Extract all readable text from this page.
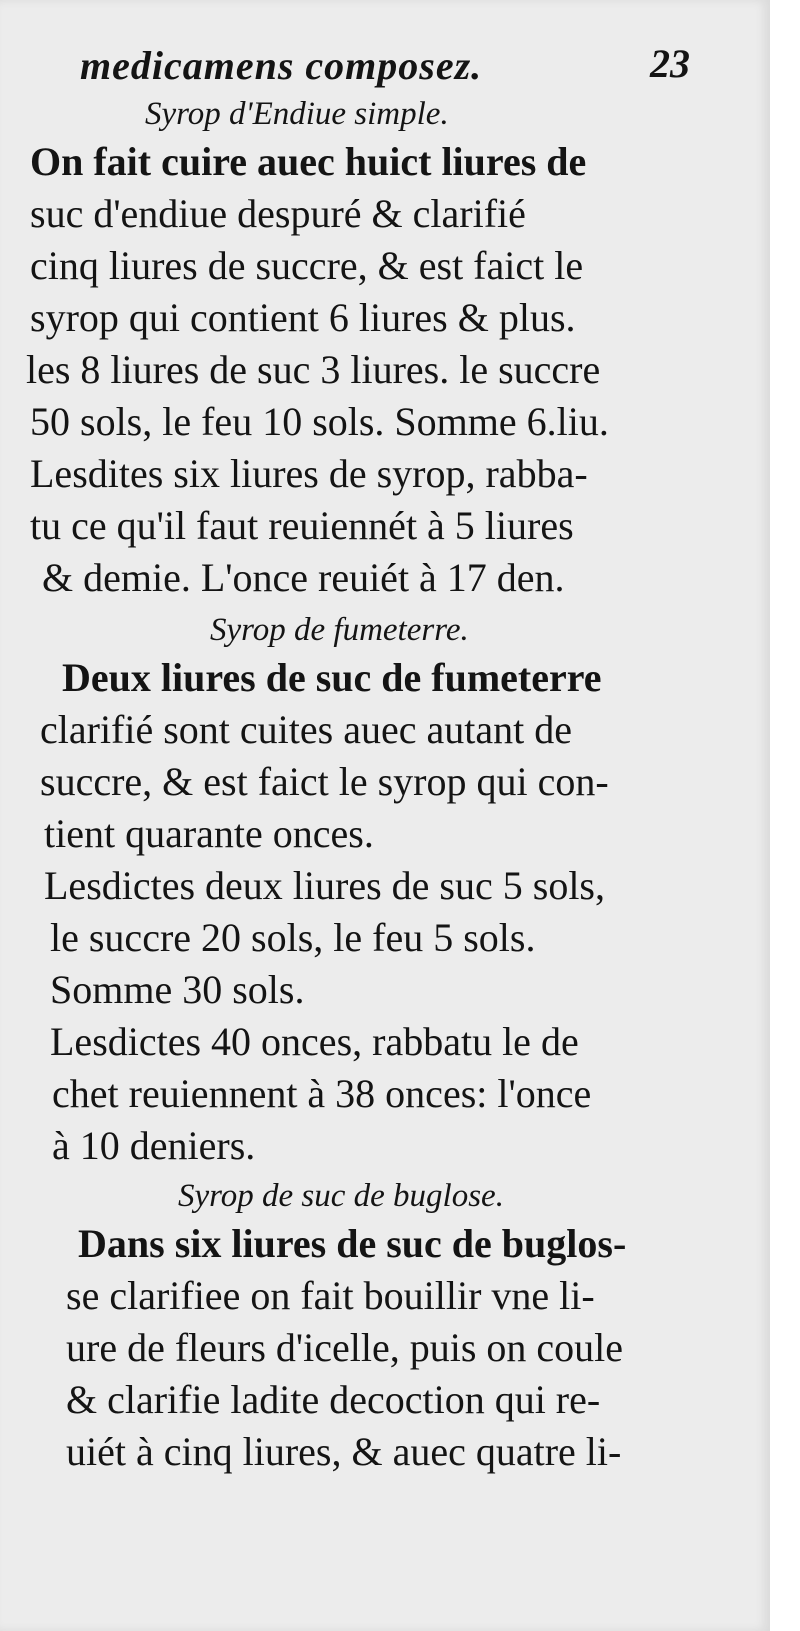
medicamens composez.	23
Syrop d'Endiue simple.
On fait cuire auec huict liures de
suc d'endiue despuré & clarifié
cinq liures de succre, & est faict le
syrop qui contient 6 liures & plus.
les 8 liures de suc 3 liures. le succre
50 sols, le feu 10 sols. Somme 6.liu.
Lesdites six liures de syrop, rabba-
tu ce qu'il faut reuiennét à 5 liures
& demie. L'once reuiét à 17 den.
Syrop de fumeterre.
Deux liures de suc de fumeterre
clarifié sont cuites auec autant de
succre, & est faict le syrop qui con-
tient quarante onces.
Lesdictes deux liures de suc 5 sols,
le succre 20 sols, le feu 5 sols.
Somme 30 sols.
Lesdictes 40 onces, rabbatu le de
chet reuiennent à 38 onces: l'once
à 10 deniers.
Syrop de suc de buglose.
Dans six liures de suc de buglos-
se clarifiee on fait bouillir vne li-
ure de fleurs d'icelle, puis on coule
& clarifie ladite decoction qui re-
uiét à cinq liures, & auec quatre li-
